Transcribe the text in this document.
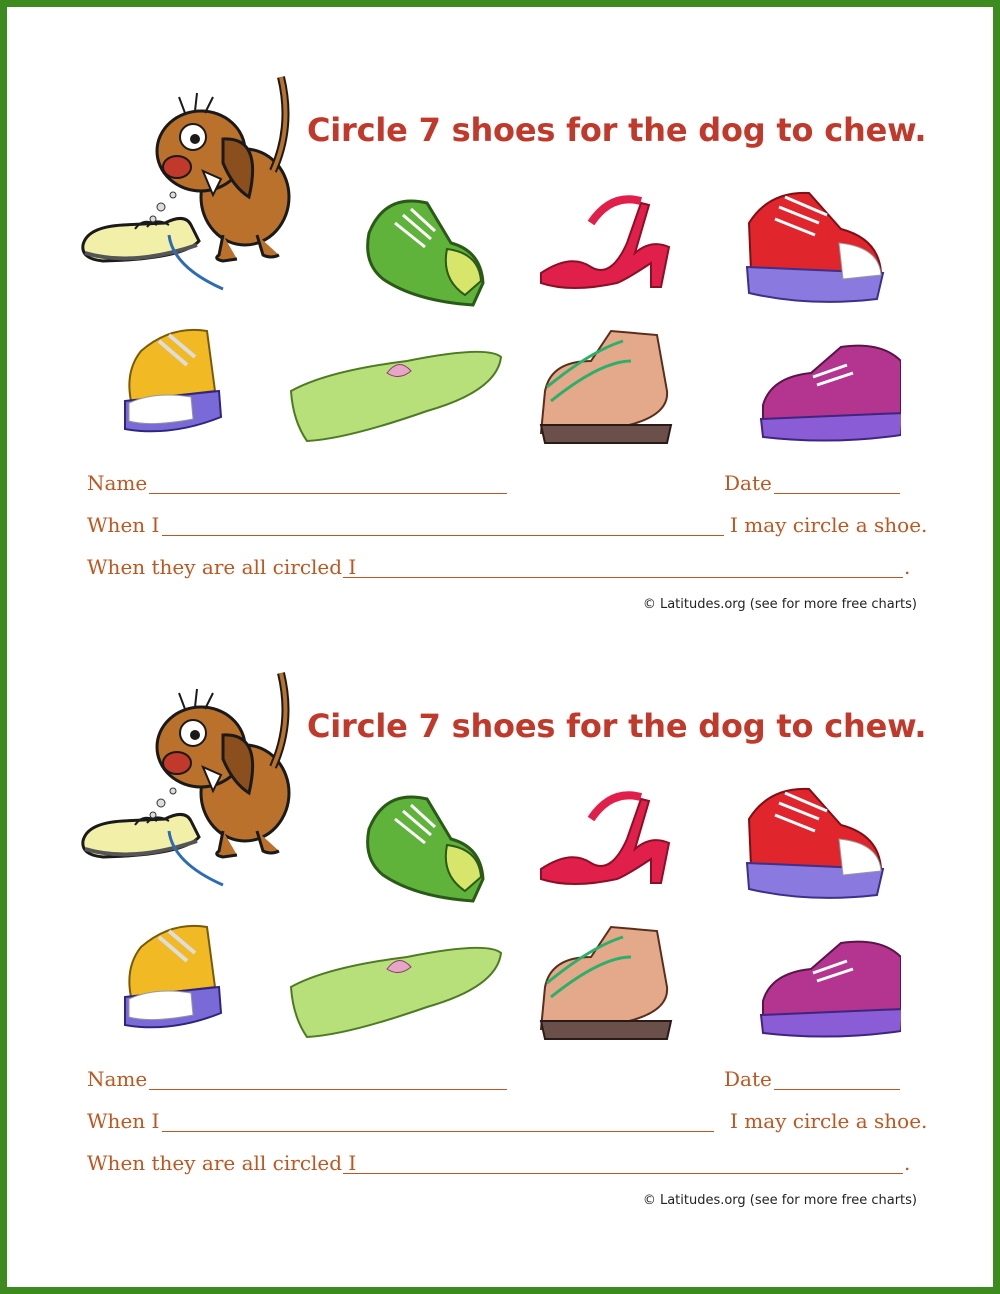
Circle 7 shoes for the dog to chew.
Name	Date
When I	I may circle a shoe.
When they are all circled I	.
© Latitudes.org (see for more free charts)
Circle 7 shoes for the dog to chew.
Name	Date
When I	I may circle a shoe.
When they are all circled I	.
© Latitudes.org (see for more free charts)
